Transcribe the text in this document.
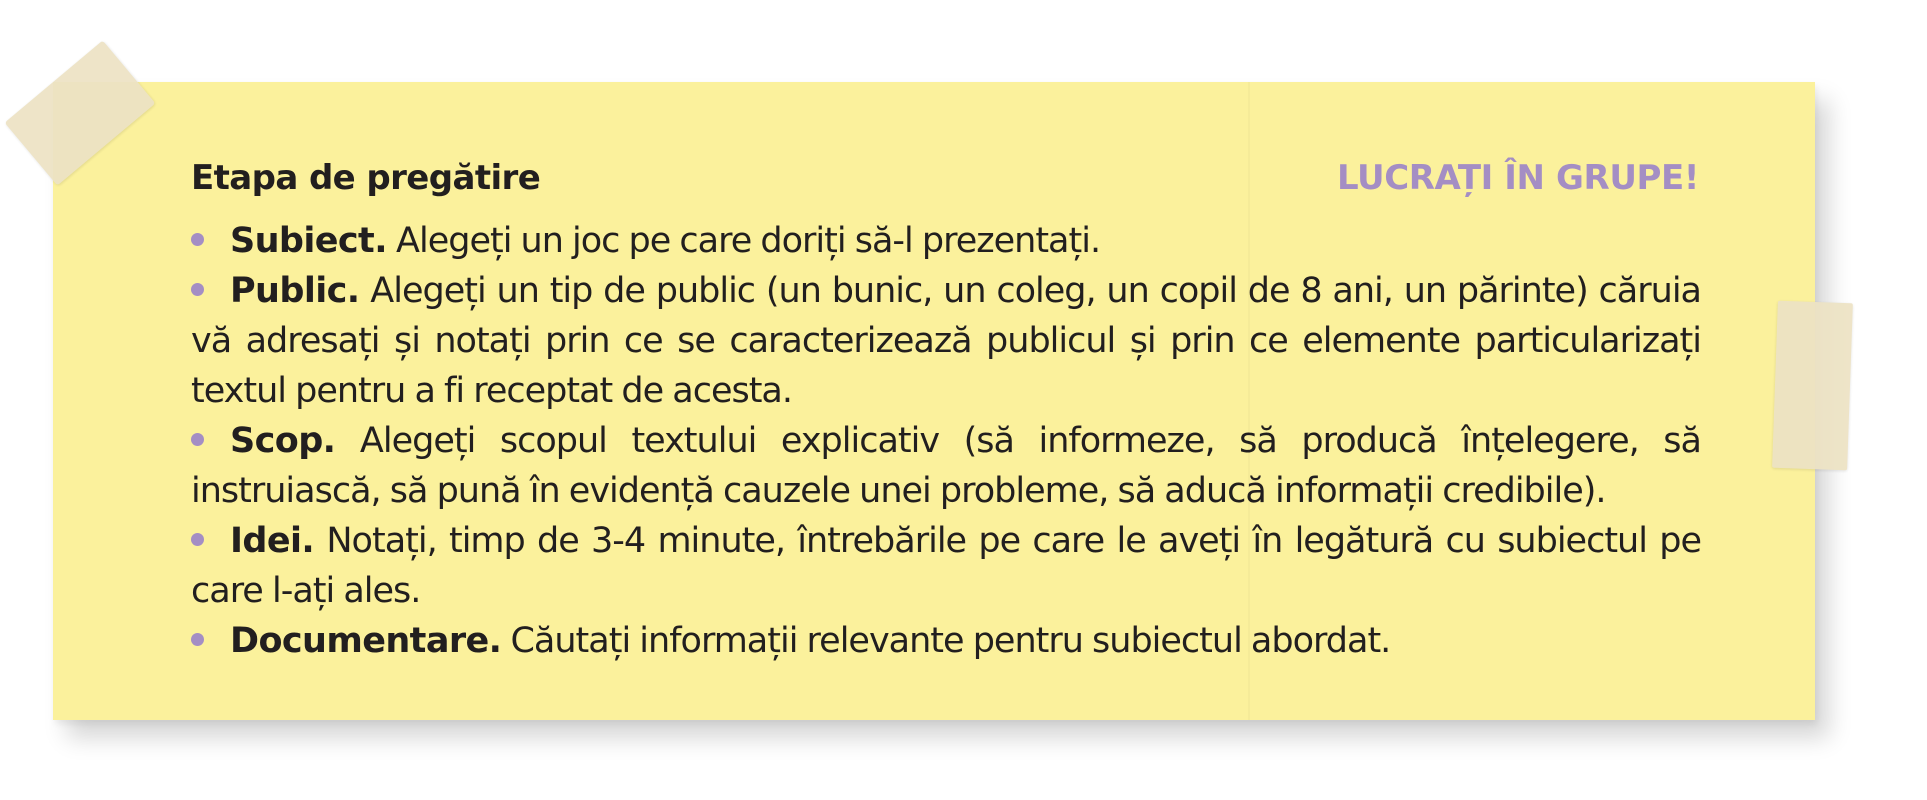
Etapa de pregătire	LUCRAȚI ÎN GRUPE!

Subiect. Alegeți un joc pe care doriți să-l prezentați.

Public. Alegeți un tip de public (un bunic, un coleg, un copil de 8 ani, un părinte) căruia vă adresați și notați prin ce se caracterizează publicul și prin ce elemente particularizați textul pentru a fi receptat de acesta.

Scop. Alegeți scopul textului explicativ (să informeze, să producă înțelegere, să instruiască, să pună în evidență cauzele unei probleme, să aducă informații credibile).

Idei. Notați, timp de 3-4 minute, întrebările pe care le aveți în legătură cu subiectul pe care l-ați ales.

Documentare. Căutați informații relevante pentru subiectul abordat.
